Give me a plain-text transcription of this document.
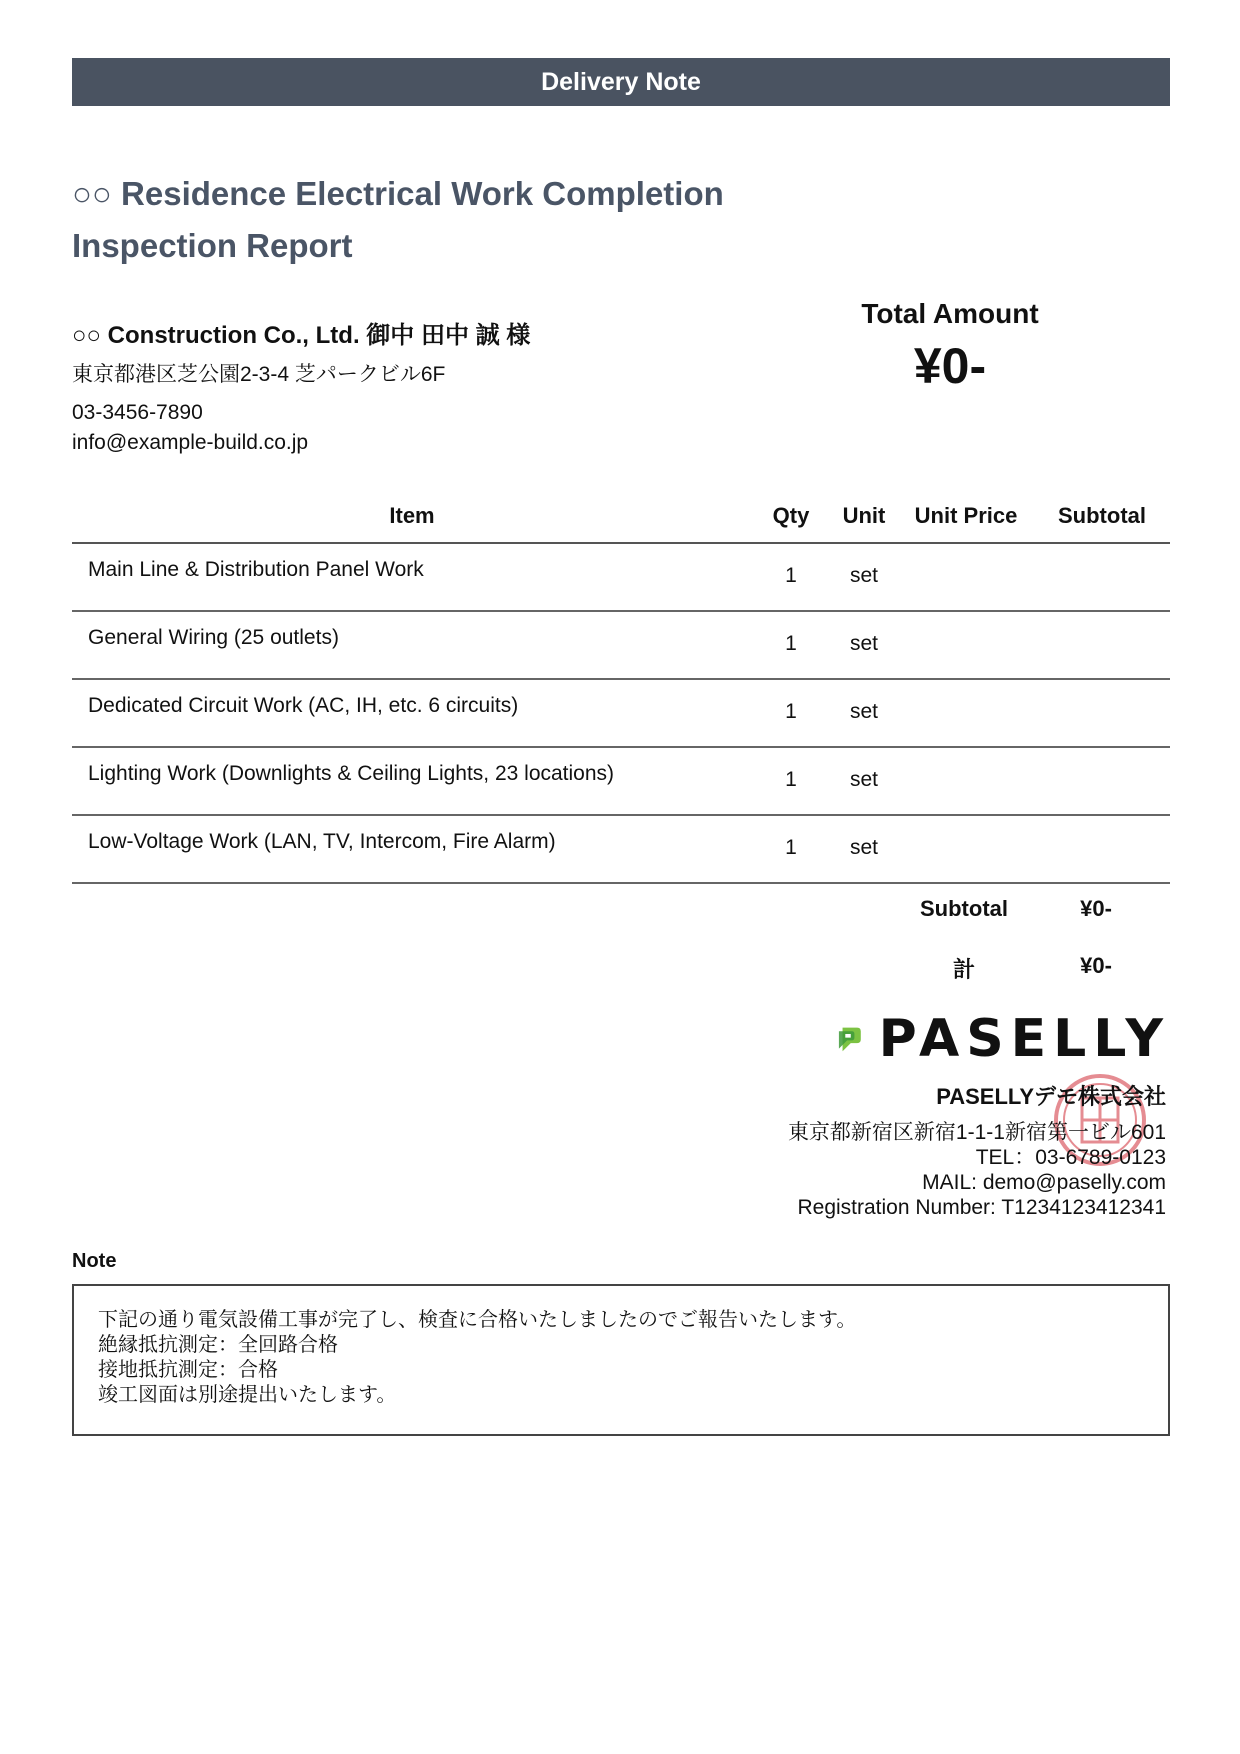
Delivery Note
○○ Residence Electrical Work Completion
Inspection Report
○○ Construction Co., Ltd. 御中 田中 誠 様
東京都港区芝公園2-3-4 芝パークビル6F
03-3456-7890
info@example-build.co.jp
Total Amount
¥0-
Item	Qty	Unit	Unit Price	Subtotal
Main Line & Distribution Panel Work	1	set
General Wiring (25 outlets)	1	set
Dedicated Circuit Work (AC, IH, etc. 6 circuits)	1	set
Lighting Work (Downlights & Ceiling Lights, 23 locations)	1	set
Low-Voltage Work (LAN, TV, Intercom, Fire Alarm)	1	set
Subtotal	¥0-
計	¥0-
PASELLY
PASELLYデモ株式会社
東京都新宿区新宿1-1-1新宿第一ビル601
TEL：03-6789-0123
MAIL: demo@paselly.com
Registration Number: T1234123412341
Note
下記の通り電気設備工事が完了し、検査に合格いたしましたのでご報告いたします。
絶縁抵抗測定：全回路合格
接地抵抗測定：合格
竣工図面は別途提出いたします。
